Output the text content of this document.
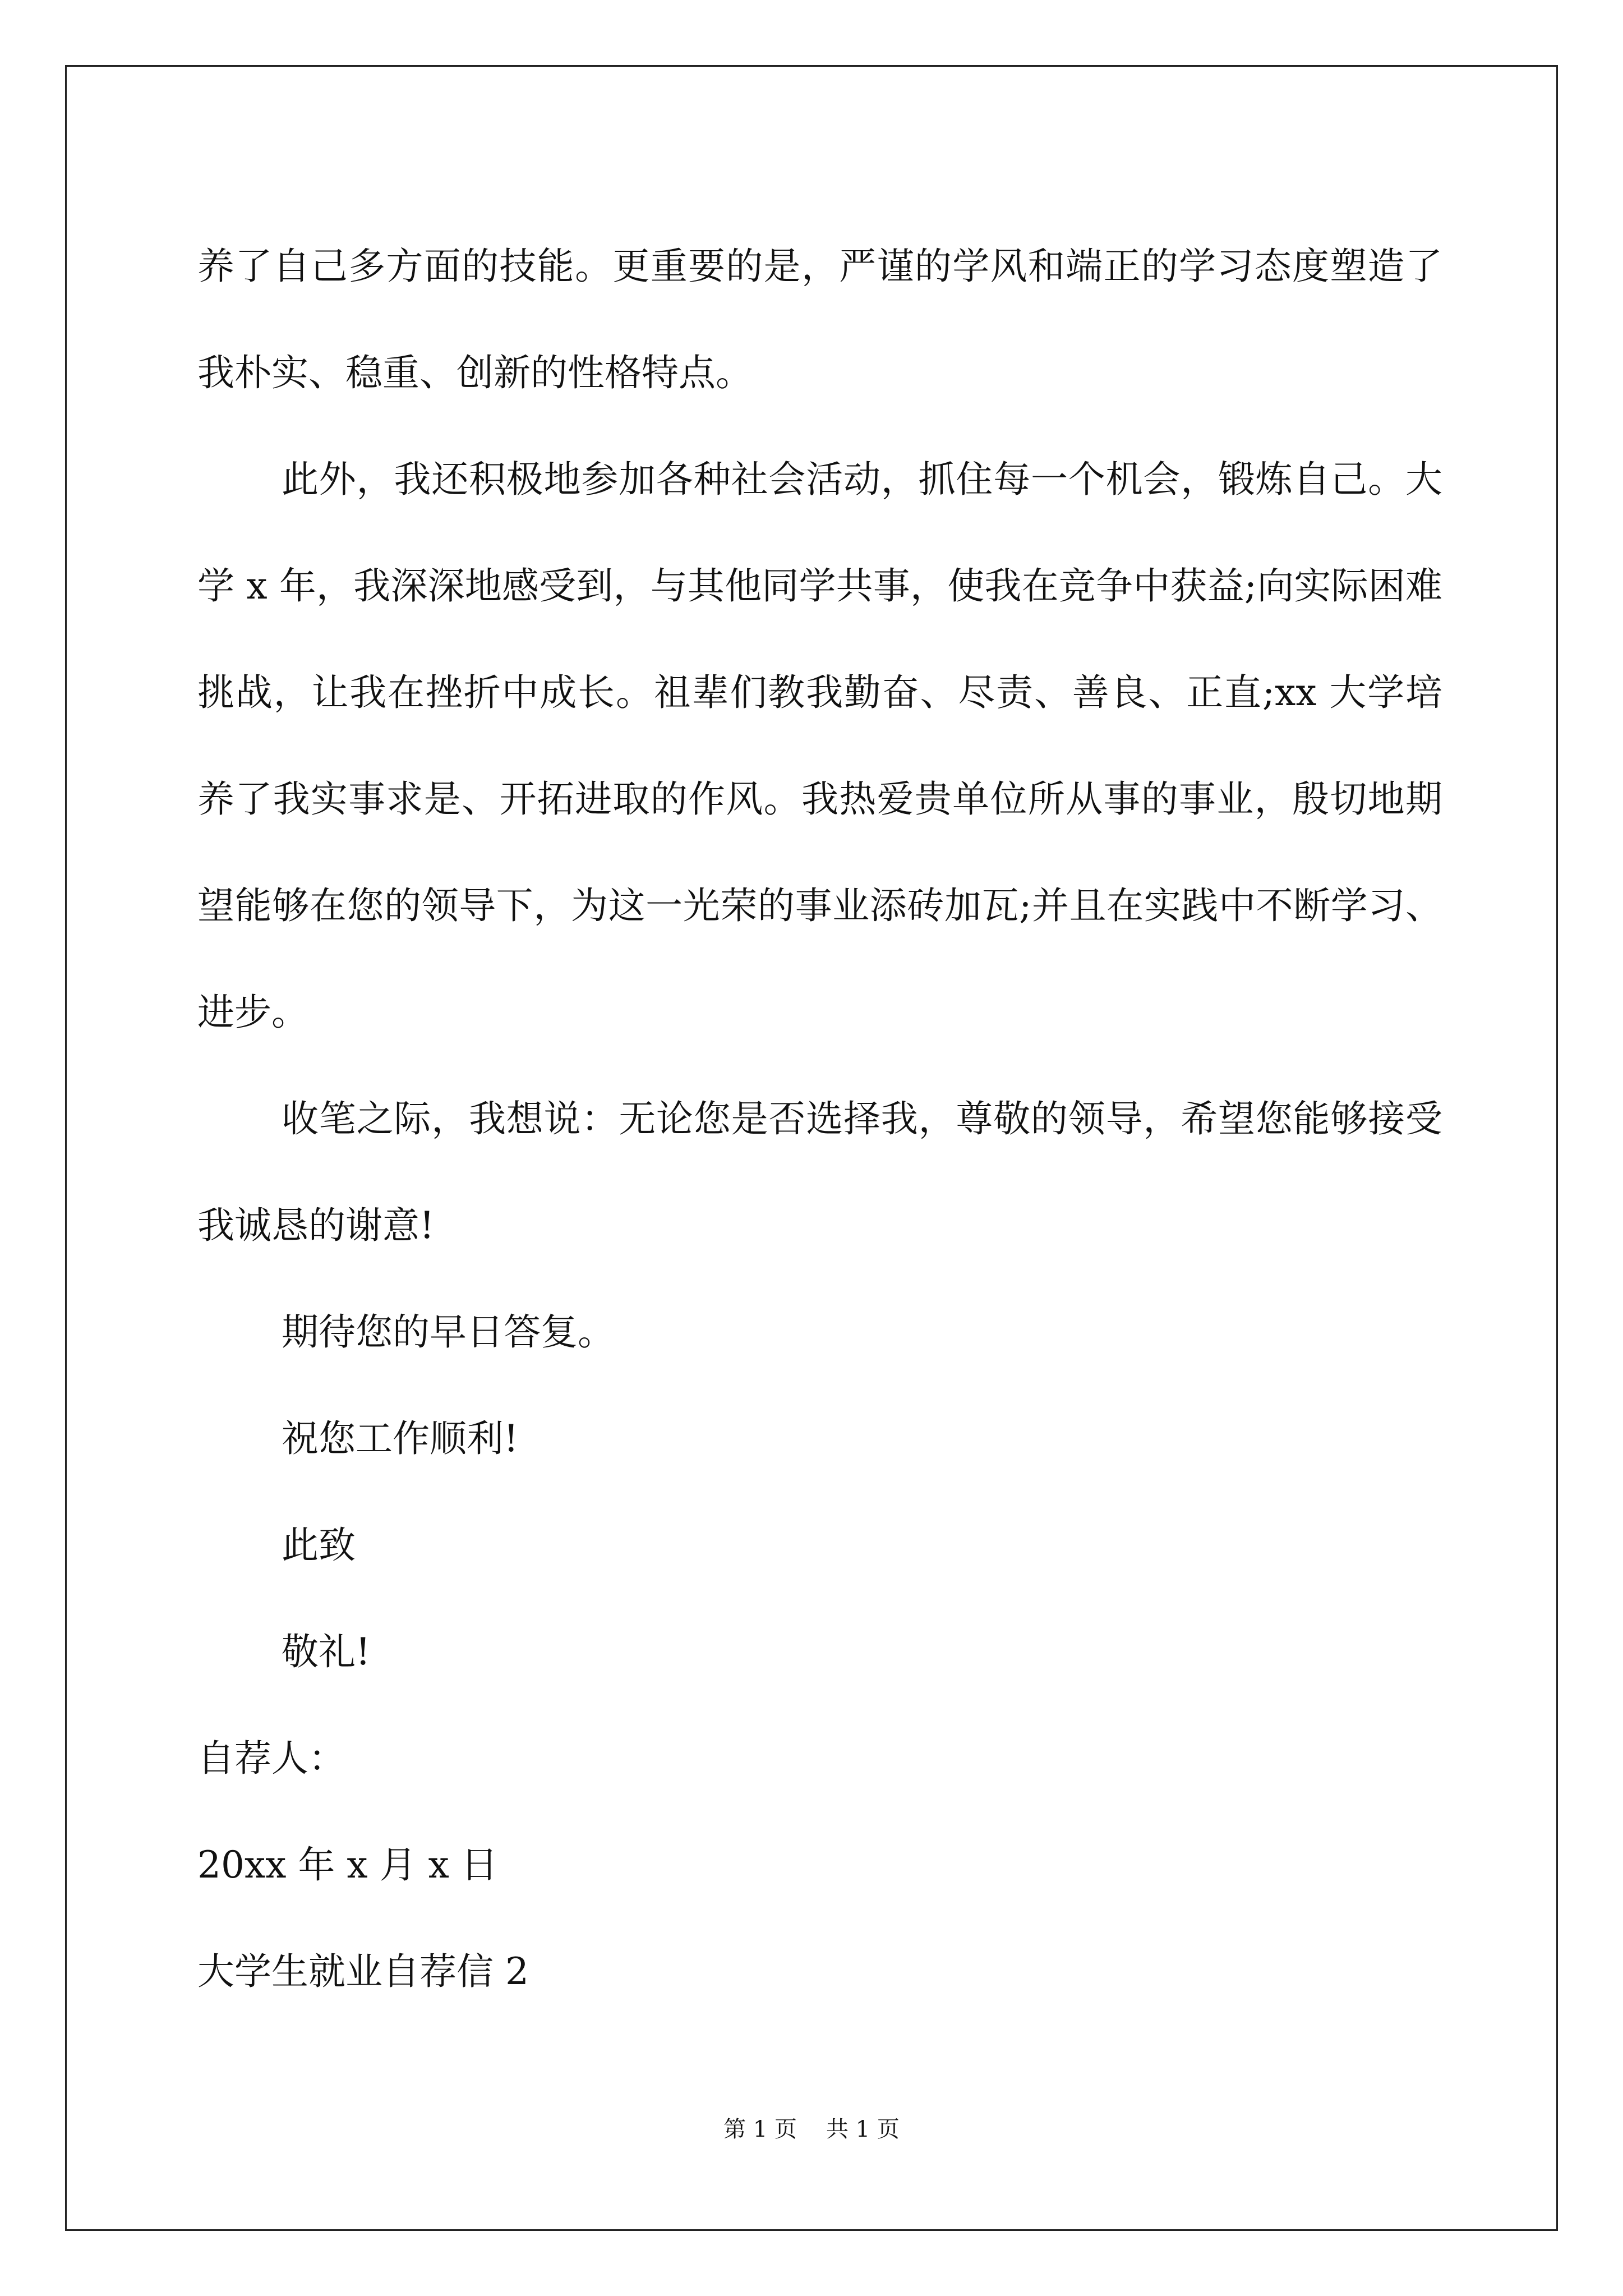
养了自己多方面的技能。更重要的是，严谨的学风和端正的学习态度塑造了我朴实、稳重、创新的性格特点。

此外，我还积极地参加各种社会活动，抓住每一个机会，锻炼自己。大学 x 年，我深深地感受到，与其他同学共事，使我在竞争中获益;向实际困难挑战，让我在挫折中成长。祖辈们教我勤奋、尽责、善良、正直;xx 大学培养了我实事求是、开拓进取的作风。我热爱贵单位所从事的事业，殷切地期望能够在您的领导下，为这一光荣的事业添砖加瓦;并且在实践中不断学习、进步。

收笔之际，我想说：无论您是否选择我，尊敬的领导，希望您能够接受我诚恳的谢意!

期待您的早日答复。

祝您工作顺利!

此致

敬礼!

自荐人：

20xx 年 x 月 x 日

大学生就业自荐信 2

第 1 页 共 1 页
